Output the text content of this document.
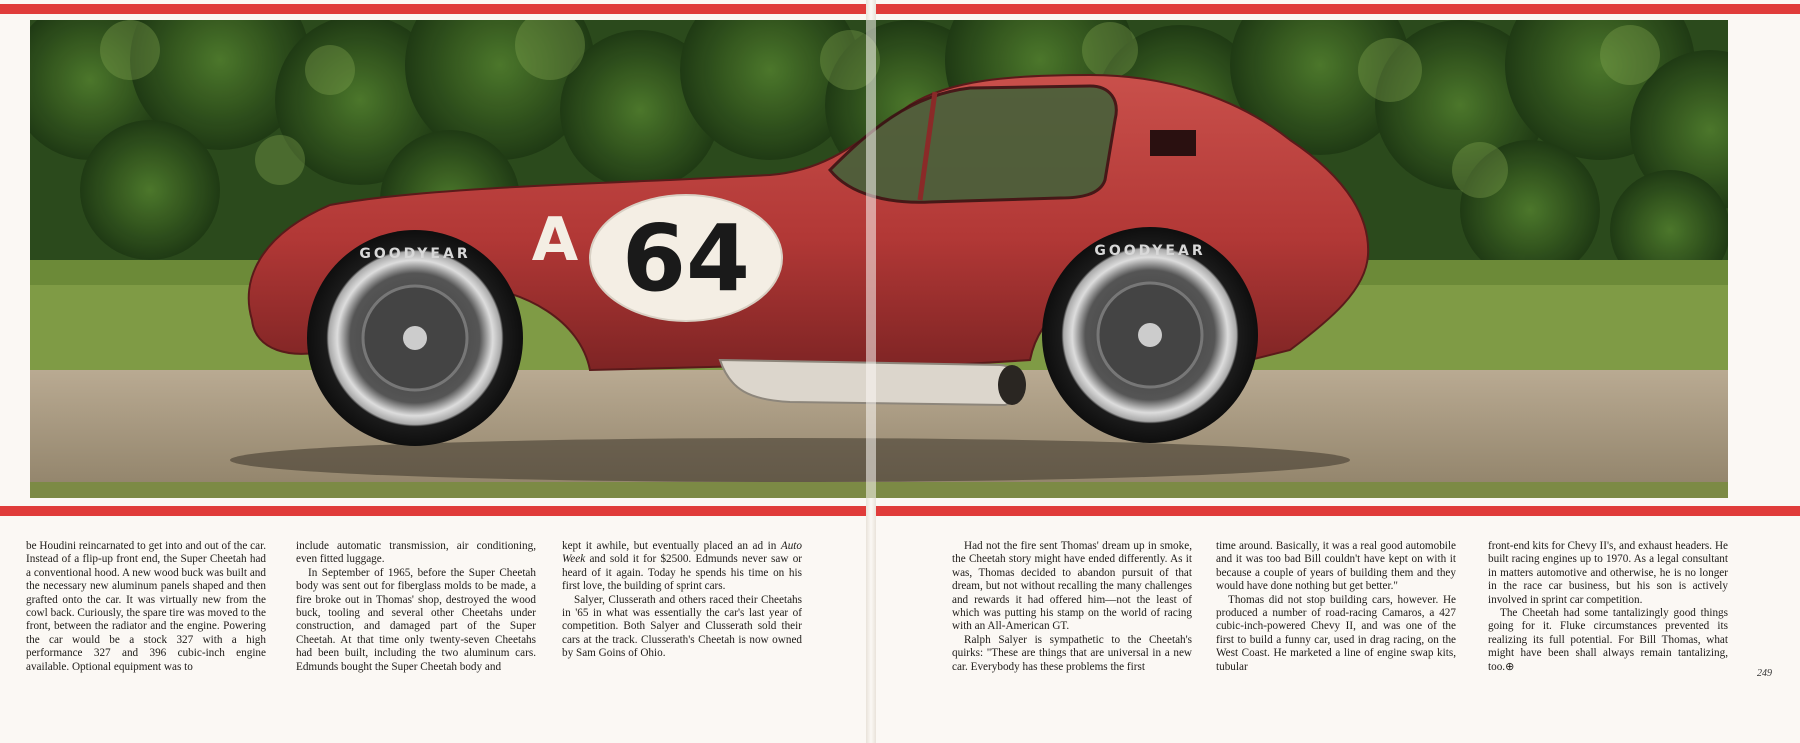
64
A
GOODYEAR	GOODYEAR

be Houdini reincarnated to get into and out of the car. Instead of a flip-up front end, the Super Cheetah had a conventional hood. A new wood buck was built and the necessary new aluminum panels shaped and then grafted onto the car. It was virtually new from the cowl back. Curiously, the spare tire was moved to the front, between the radiator and the engine. Powering the car would be a stock 327 with a high performance 327 and 396 cubic-inch engine available. Optional equipment was to

include automatic transmission, air conditioning, even fitted luggage.

In September of 1965, before the Super Cheetah body was sent out for fiberglass molds to be made, a fire broke out in Thomas' shop, destroyed the wood buck, tooling and several other Cheetahs under construction, and damaged part of the Super Cheetah. At that time only twenty-seven Cheetahs had been built, including the two aluminum cars. Edmunds bought the Super Cheetah body and

kept it awhile, but eventually placed an ad in Auto Week and sold it for $2500. Edmunds never saw or heard of it again. Today he spends his time on his first love, the building of sprint cars.

Salyer, Clusserath and others raced their Cheetahs in '65 in what was essentially the car's last year of competition. Both Salyer and Clusserath sold their cars at the track. Clusserath's Cheetah is now owned by Sam Goins of Ohio.

Had not the fire sent Thomas' dream up in smoke, the Cheetah story might have ended differently. As it was, Thomas decided to abandon pursuit of that dream, but not without recalling the many challenges and rewards it had offered him—not the least of which was putting his stamp on the world of racing with an All-American GT.

Ralph Salyer is sympathetic to the Cheetah's quirks: "These are things that are universal in a new car. Everybody has these problems the first

time around. Basically, it was a real good automobile and it was too bad Bill couldn't have kept on with it because a couple of years of building them and they would have done nothing but get better."

Thomas did not stop building cars, however. He produced a number of road-racing Camaros, a 427 cubic-inch-powered Chevy II, and was one of the first to build a funny car, used in drag racing, on the West Coast. He marketed a line of engine swap kits, tubular

front-end kits for Chevy II's, and exhaust headers. He built racing engines up to 1970. As a legal consultant in matters automotive and otherwise, he is no longer in the race car business, but his son is actively involved in sprint car competition.

The Cheetah had some tantalizingly good things going for it. Fluke circumstances prevented its realizing its full potential. For Bill Thomas, what might have been shall always remain tantalizing, too.⊕

249
